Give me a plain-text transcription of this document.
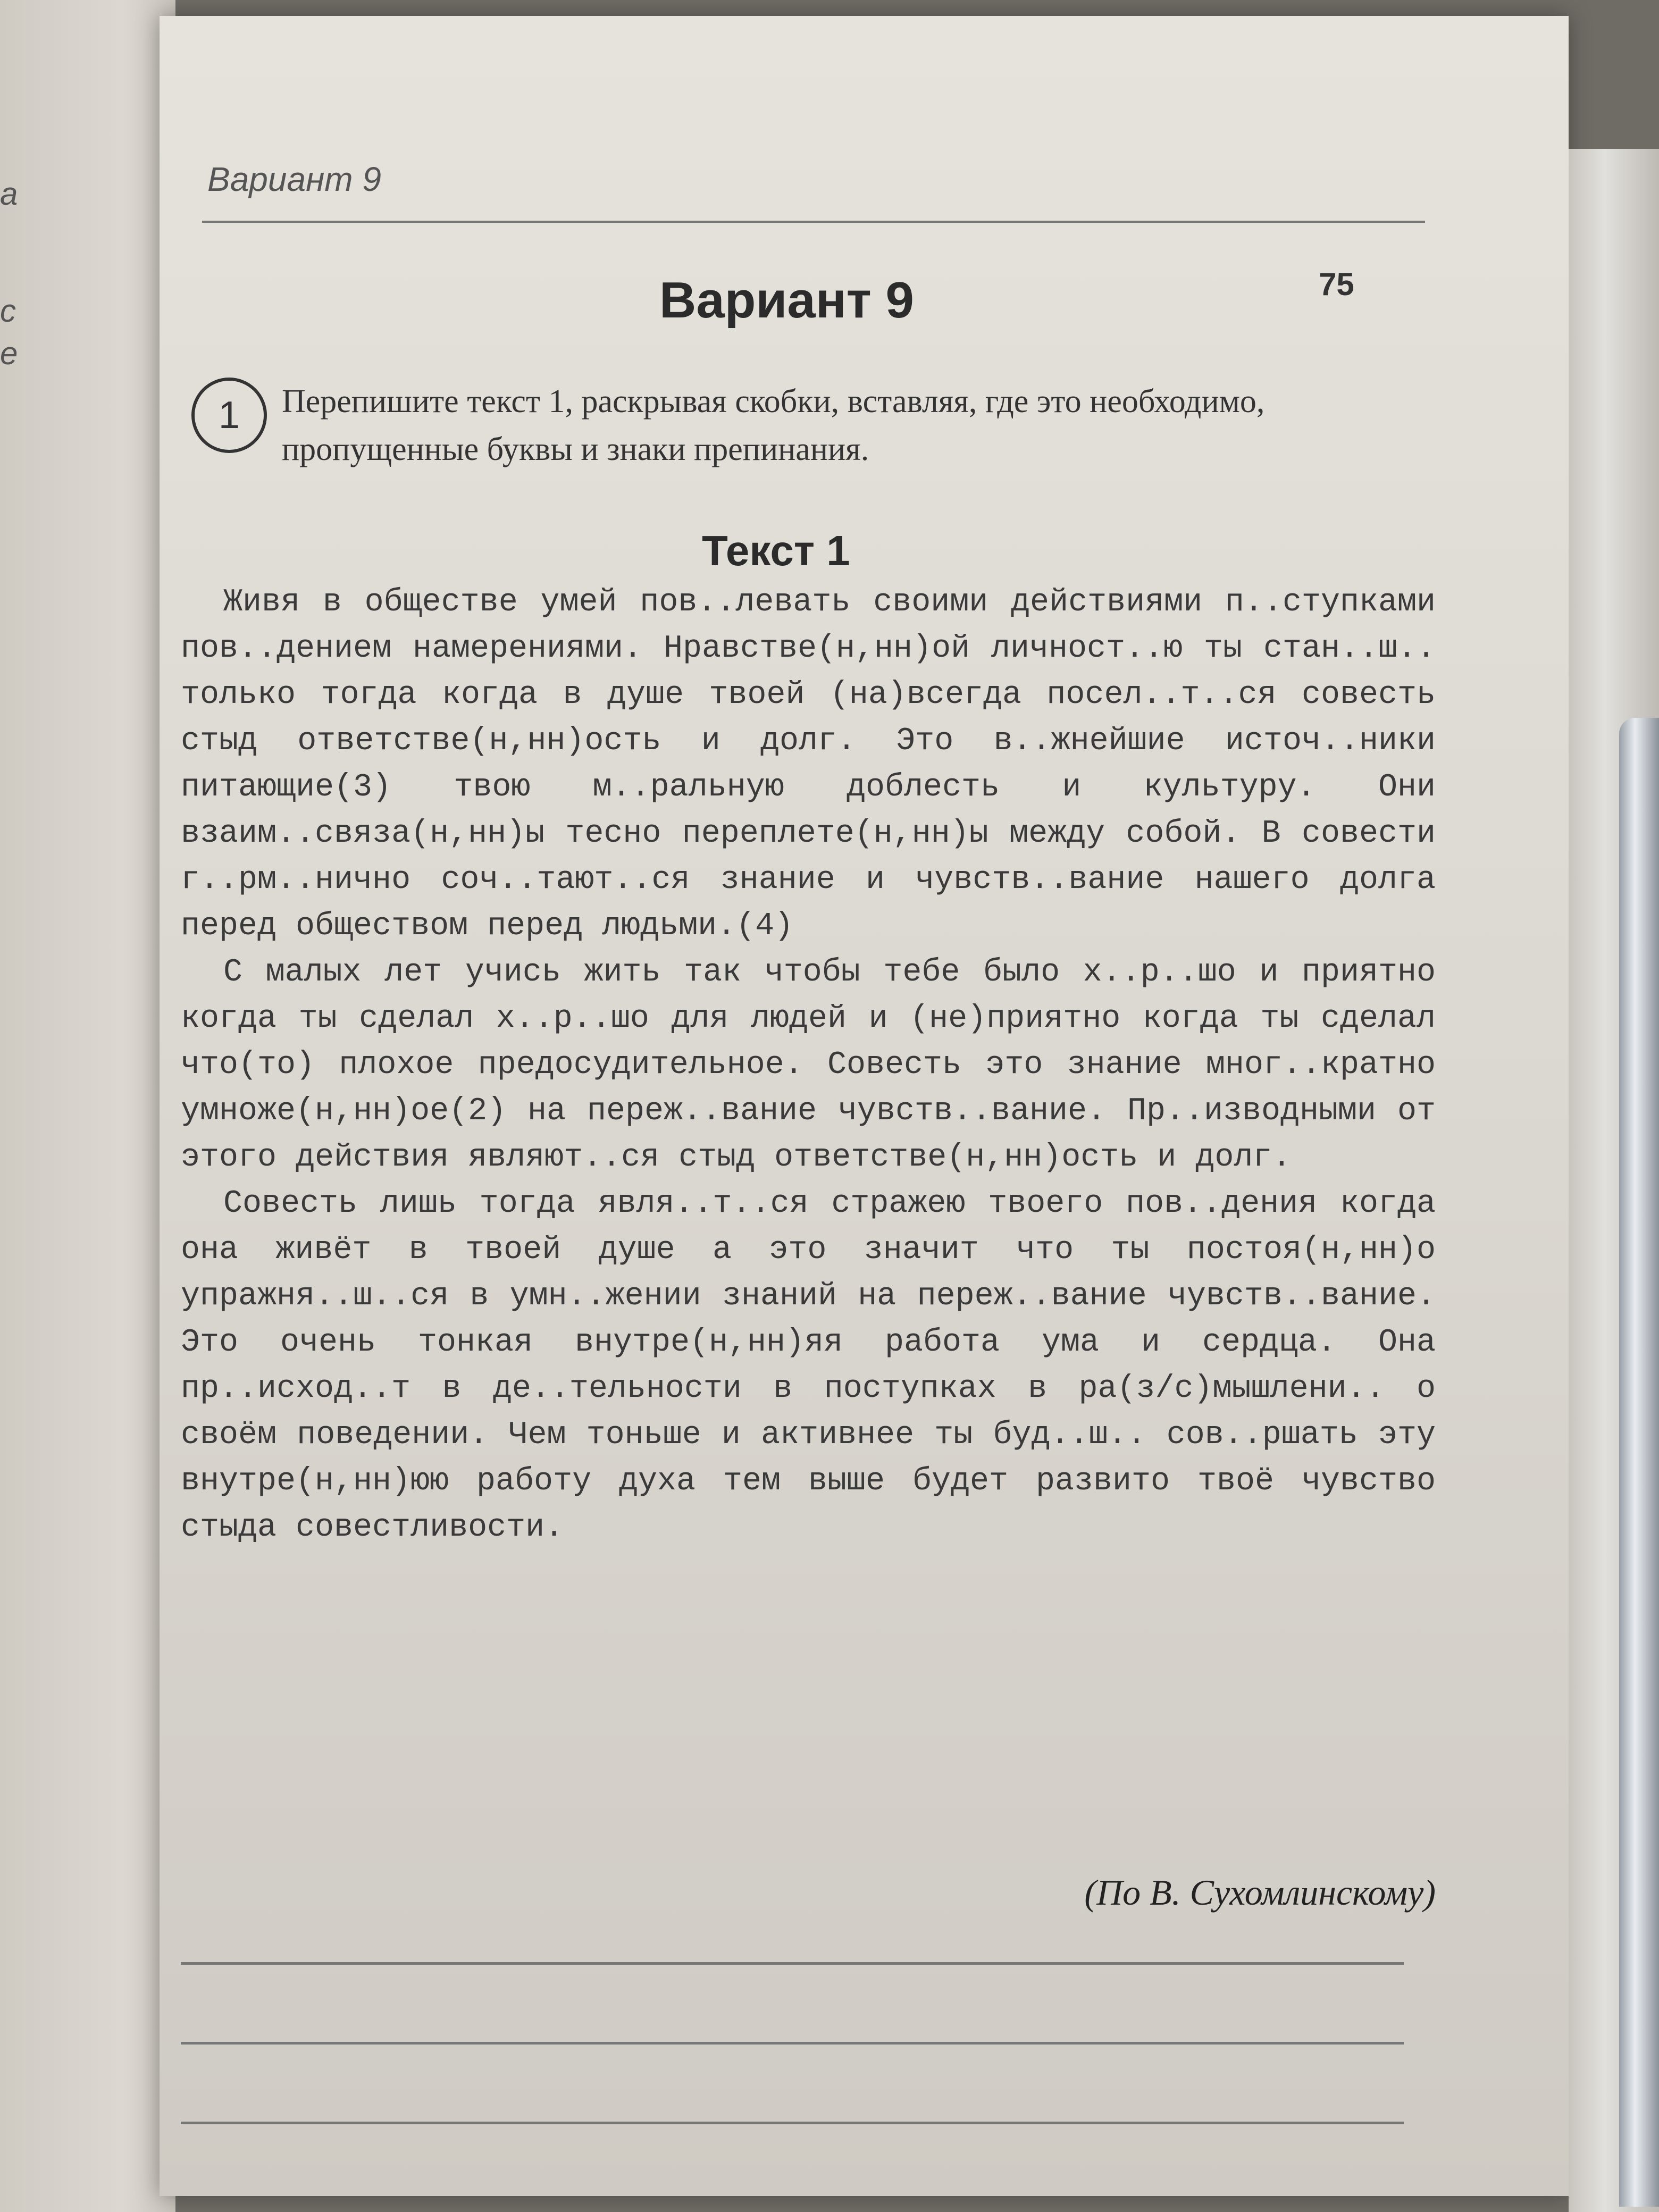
а
с
е
Вариант 9
75
Вариант 9
1	Перепишите текст 1, раскрывая скобки, вставляя, где это необходимо, пропущенные буквы и знаки препинания.
Текст 1

Живя в обществе умей пов..левать своими действиями п..ступками пов..дением намерениями. Нравстве(н,нн)ой личност..ю ты стан..ш.. только тогда когда в душе твоей (на)всегда посел..т..ся совесть стыд ответстве(н,нн)ость и долг. Это в..жнейшие источ..ники питающие(3) твою м..ральную доблесть и культуру. Они взаим..связа(н,нн)ы тесно переплете(н,нн)ы между собой. В совести г..рм..нично соч..тают..ся знание и чувств..вание нашего долга перед обществом перед людьми.(4)

С малых лет учись жить так чтобы тебе было х..р..шо и приятно когда ты сделал х..р..шо для людей и (не)приятно когда ты сделал что(то) плохое предосудительное. Совесть это знание мног..кратно умноже(н,нн)ое(2) на переж..вание чувств..вание. Пр..изводными от этого действия являют..ся стыд ответстве(н,нн)ость и долг.

Совесть лишь тогда явля..т..ся стражею твоего пов..дения когда она живёт в твоей душе а это значит что ты постоя(н,нн)о упражня..ш..ся в умн..жении знаний на переж..вание чувств..вание. Это очень тонкая внутре(н,нн)яя работа ума и сердца. Она пр..исход..т в де..тельности в поступках в ра(з/с)мышлени.. о своём поведении. Чем тоньше и активнее ты буд..ш.. сов..ршать эту внутре(н,нн)юю работу духа тем выше будет развито твоё чувство стыда совестливости.

(По В. Сухомлинскому)
